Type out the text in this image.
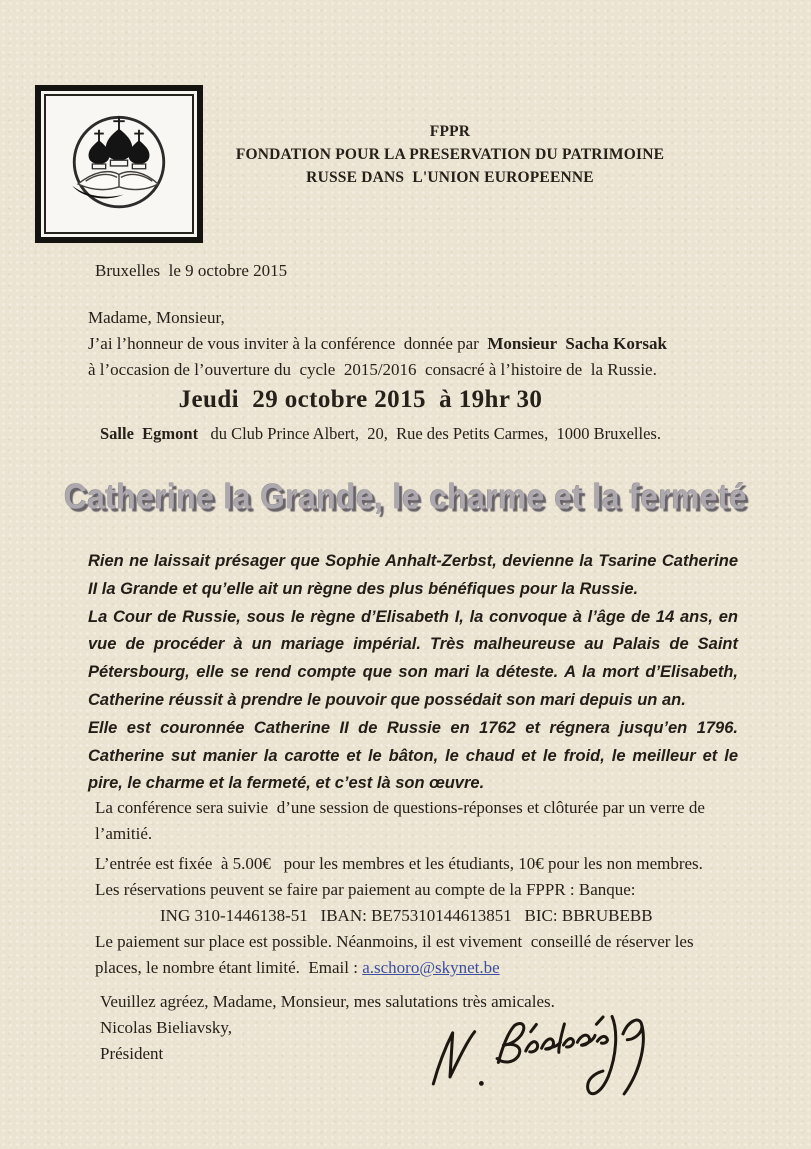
FPPR
FONDATION POUR LA PRESERVATION DU PATRIMOINE
RUSSE DANS  L'UNION EUROPEENNE
Bruxelles  le 9 octobre 2015
Madame, Monsieur,
J’ai l’honneur de vous inviter à la conférence  donnée par  Monsieur  Sacha Korsak
à l’occasion de l’ouverture du  cycle  2015/2016  consacré à l’histoire de  la Russie.
Jeudi  29 octobre 2015  à 19hr 30
Salle  Egmont   du Club Prince Albert,  20,  Rue des Petits Carmes,  1000 Bruxelles.
Catherine la Grande, le charme et la fermeté

Rien ne laissait présager que Sophie Anhalt-Zerbst, devienne la Tsarine Catherine II la Grande et qu’elle ait un règne des plus bénéfiques pour la Russie.

La Cour de Russie, sous le règne d’Elisabeth I, la convoque à l’âge de 14 ans, en vue de procéder à un mariage impérial. Très malheureuse au Palais de Saint Pétersbourg, elle se rend compte que son mari la déteste. A la mort d’Elisabeth, Catherine réussit à prendre le pouvoir que possédait son mari depuis un an.

Elle est couronnée Catherine II de Russie en 1762 et régnera jusqu’en 1796. Catherine sut manier la carotte et le bâton, le chaud et le froid, le meilleur et le pire, le charme et la fermeté, et c’est là son œuvre.

La conférence sera suivie  d’une session de questions-réponses et clôturée par un verre de l’amitié.
L’entrée est fixée  à 5.00€   pour les membres et les étudiants, 10€ pour les non membres.
Les réservations peuvent se faire par paiement au compte de la FPPR : Banque:
ING 310-1446138-51   IBAN: BE75310144613851   BIC: BBRUBEBB
Le paiement sur place est possible. Néanmoins, il est vivement  conseillé de réserver les
places, le nombre étant limité.  Email : a.schoro@skynet.be
Veuillez agréez, Madame, Monsieur, mes salutations très amicales.
Nicolas Bieliavsky,
Président
